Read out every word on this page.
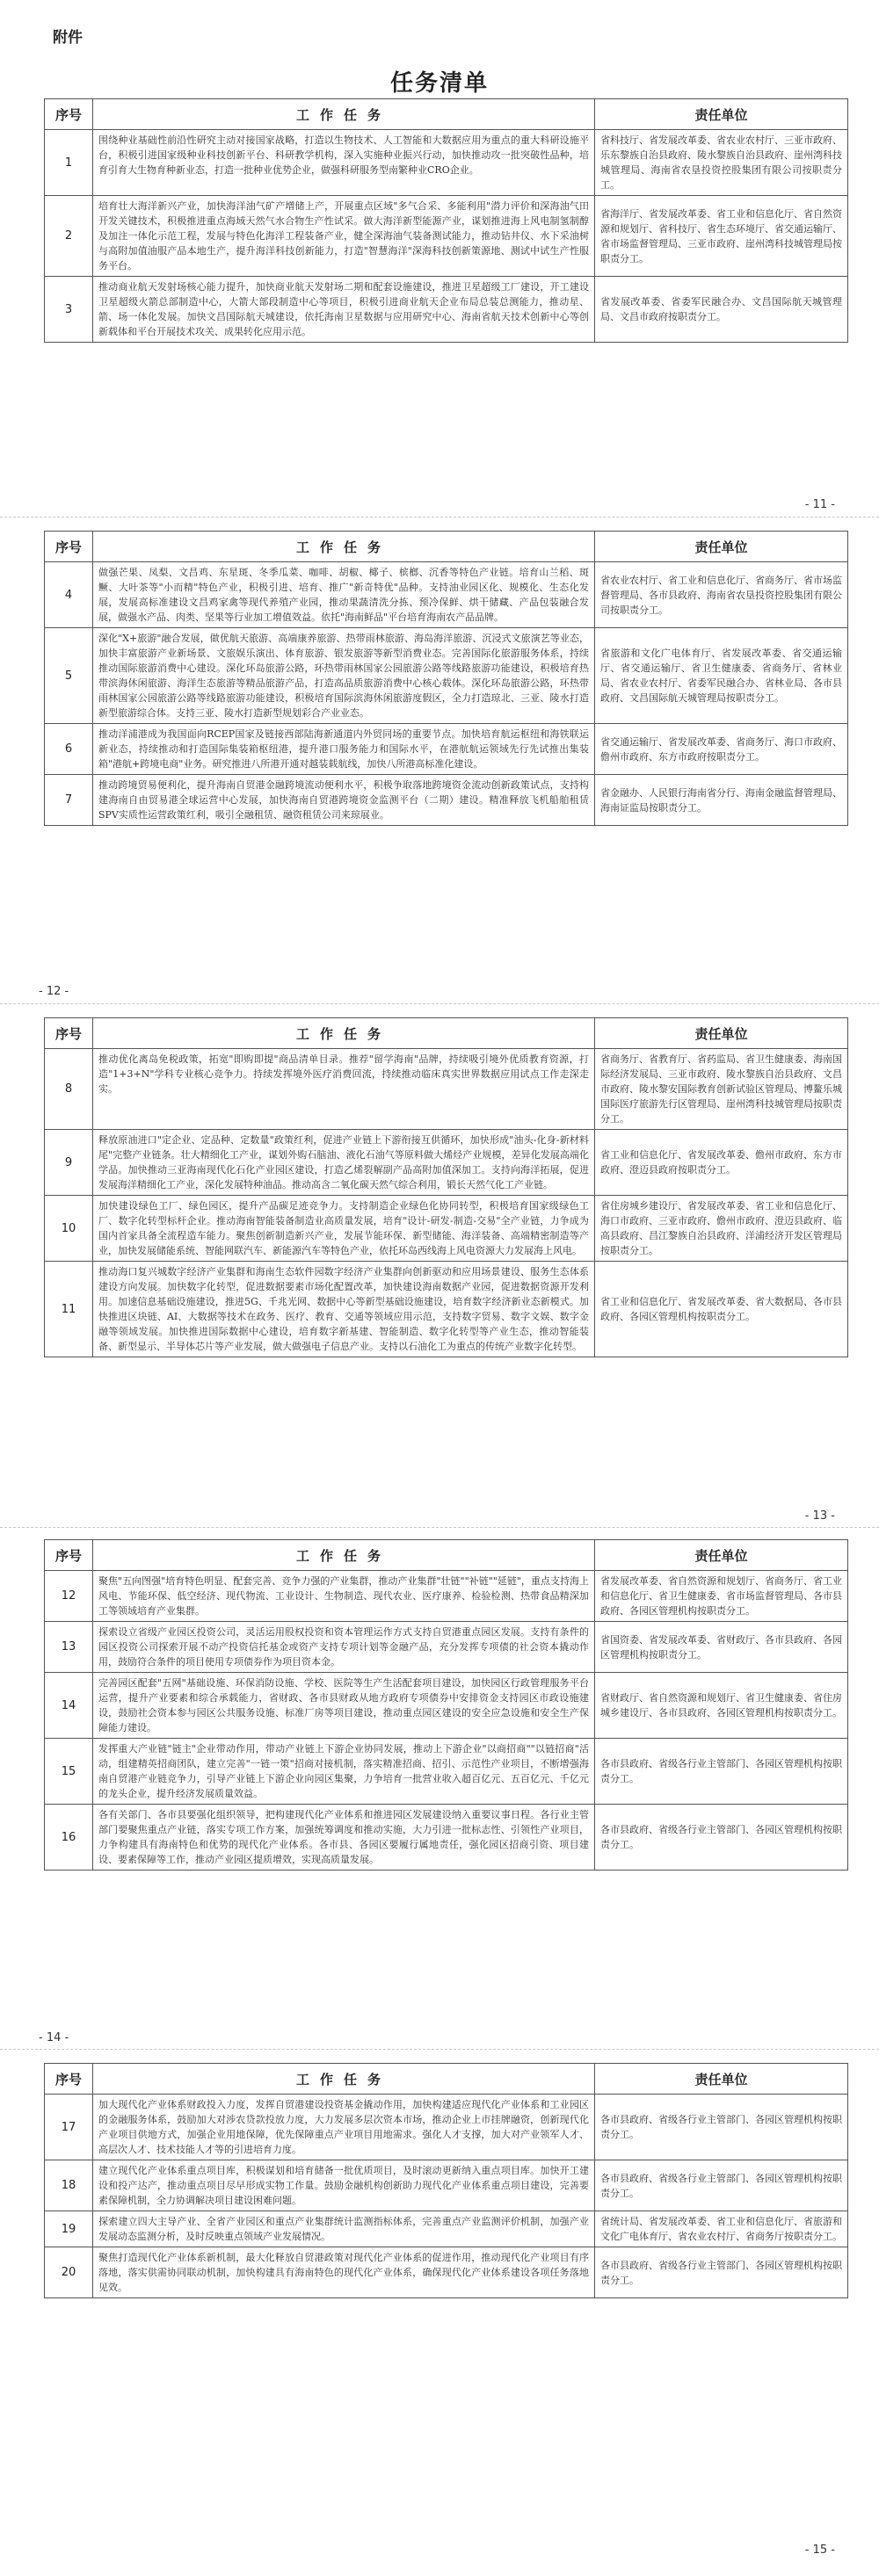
附件
任务清单
序号	工作任务	责任单位
1	围绕种业基础性前沿性研究主动对接国家战略，打造以生物技术、人工智能和大数据应用为重点的重大科研设施平台，积极引进国家级种业科技创新平台、科研教学机构，深入实施种业振兴行动，加快推动攻一批突破性品种，培育引育大生物育种新业态，打造一批种业优势企业，做强科研服务型南繁种业CRO企业。	省科技厅、省发展改革委、省农业农村厅、三亚市政府、乐东黎族自治县政府、陵水黎族自治县政府、崖州湾科技城管理局、海南省农垦投资控股集团有限公司按职责分工。
2	培育壮大海洋新兴产业，加快海洋油气矿产增储上产，开展重点区域"多气合采、多能利用"潜力评价和深海油气田开发关键技术，积极推进重点海域天然气水合物生产性试采。做大海洋新型能源产业，谋划推进海上风电制氢制醇及加注一体化示范工程，发展与特色化海洋工程装备产业，健全深海油气装备测试能力，推动钻井仪、水下采油树与高附加值油服产品本地生产，提升海洋科技创新能力，打造"智慧海洋"深海科技创新策源地、测试中试生产性服务平台。	省海洋厅、省发展改革委、省工业和信息化厅、省自然资源和规划厅、省科技厅、省生态环境厅、省交通运输厅、省市场监督管理局、三亚市政府、崖州湾科技城管理局按职责分工。
3	推动商业航天发射场核心能力提升，加快商业航天发射场二期和配套设施建设，推进卫星超级工厂建设，开工建设卫星超级火箭总部制造中心，大箭大部段制造中心等项目，积极引进商业航天企业布局总装总测能力，推动星、箭、场一体化发展。加快文昌国际航天城建设，依托海南卫星数据与应用研究中心、海南省航天技术创新中心等创新载体和平台开展技术攻关、成果转化应用示范。	省发展改革委、省委军民融合办、文昌国际航天城管理局、文昌市政府按职责分工。
- 11 -
序号	工作任务	责任单位
4	做强芒果、凤梨、文昌鸡、东星斑、冬季瓜菜、咖啡、胡椒、椰子、槟榔、沉香等特色产业链。培育山兰稻、斑鳜、大叶茶等"小而精"特色产业，积极引进、培育、推广"新奇特优"品种。支持油业园区化、规模化、生态化发展，发展高标准建设文昌鸡家禽等现代养殖产业园，推动果蔬清洗分拣、预冷保鲜、烘干储藏、产品包装融合发展，做强水产品、肉类、坚果等行业加工增值效益。依托"海南鲜品"平台培育海南农产品品牌。	省农业农村厅、省工业和信息化厅、省商务厅、省市场监督管理局、各市县政府、海南省农垦投资控股集团有限公司按职责分工。
5	深化"X+旅游"融合发展，做优航天旅游、高端康养旅游、热带雨林旅游、海岛海洋旅游、沉浸式文旅演艺等业态，加快丰富旅游产业新场景、文旅娱乐演出、体育旅游、银发旅游等新型消费业态。完善国际化旅游服务体系，持续推动国际旅游消费中心建设。深化环岛旅游公路，环热带雨林国家公园旅游公路等线路旅游功能建设，积极培育热带滨海休闲旅游、海洋生态旅游等精品旅游产品，打造高品质旅游消费中心核心载体。深化环岛旅游公路，环热带雨林国家公园旅游公路等线路旅游功能建设，积极培育国际滨海休闲旅游度假区，全力打造琼北、三亚、陵水打造新型旅游综合体。支持三亚、陵水打造新型规划彩合产业业态。	省旅游和文化广电体育厅、省发展改革委、省交通运输厅、省交通运输厅、省卫生健康委、省商务厅、省林业局、省农业农村厅、省委军民融合办、省林业局、各市县政府、文昌国际航天城管理局按职责分工。
6	推动洋浦港成为我国面向RCEP国家及链接西部陆海新通道内外贸同场的重要节点。加快培育航运枢纽和海铁联运新业态，持续推动和打造国际集装箱枢纽港，提升港口服务能力和国际水平，在港航航运领域先行先试推出集装箱"港航+跨境电商"业务。研究推进八所港开通对越装载航线，加快八所港高标准化建设。	省交通运输厅、省发展改革委、省商务厅、海口市政府、儋州市政府、东方市政府按职责分工。
7	推动跨境贸易便利化，提升海南自贸港金融跨境流动便利水平，积极争取落地跨境资金流动创新政策试点，支持构建海南自由贸易港全球运营中心发展，加快海南自贸港跨境资金监测平台（二期）建设。精准释放飞机船舶租赁SPV实质性运营政策红利，吸引全融租赁、融资租赁公司来琼展业。	省金融办、人民银行海南省分行、海南金融监督管理局、海南证监局按职责分工。
- 12 -
序号	工作任务	责任单位
8	推动优化离岛免税政策，拓宽"即购即提"商品清单目录。推荐"留学海南"品牌，持续吸引境外优质教育资源，打造"1+3+N"学科专业核心竞争力。持续发挥境外医疗消费回流，持续推动临床真实世界数据应用试点工作走深走实。	省商务厅、省教育厅、省药监局、省卫生健康委、海南国际经济发展局、三亚市政府、陵水黎族自治县政府、文昌市政府、陵水黎安国际教育创新试验区管理局、博鳌乐城国际医疗旅游先行区管理局、崖州湾科技城管理局按职责分工。
9	释放原油进口"定企业、定品种、定数量"政策红利，促进产业链上下游衔接互供循环，加快形成"油头-化身-新材料尾"完整产业链条。壮大精细化工产业，谋划外购石脑油、液化石油气等原料做大烯烃产业规模，差异化发展高端化学品。加快推动三亚海南现代化石化产业园区建设，打造乙烯裂解副产品高附加值深加工。支持向海洋拓展，促进发展海洋精细化工产业，深化发展特种油品。推动高含二氧化碳天然气综合利用，锻长天然气化工产业链。	省工业和信息化厅、省发展改革委、儋州市政府、东方市政府、澄迈县政府按职责分工。
10	加快建设绿色工厂、绿色园区，提升产品碳足迹竞争力。支持制造企业绿色化协同转型，积极培育国家级绿色工厂、数字化转型标杆企业。推动海南智能装备制造业高质量发展，培育"设计-研发-制造-交易"全产业链，力争成为国内首家具备全流程造车能力。聚焦创新制造新兴产业，发展节能环保、新型储能、海洋装备、高端精密制造等产业，加快发展储能系统、智能网联汽车、新能源汽车等特色产业，依托环岛西线海上风电资源大力发展海上风电。	省住房城乡建设厅、省发展改革委、省工业和信息化厅、海口市政府、三亚市政府、儋州市政府、澄迈县政府、临高县政府、昌江黎族自治县政府、洋浦经济开发区管理局按职责分工。
11	推动海口复兴城数字经济产业集群和海南生态软件园数字经济产业集群向创新驱动和应用场景建设、服务生态体系建设方向发展。加快数字化转型，促进数据要素市场化配置改革，加快建设海南数据产业园，促进数据资源开发利用。加速信息基础设施建设，推进5G、千兆光网、数据中心等新型基础设施建设，培育数字经济新业态新模式。加快推进区块链、AI、大数据等技术在政务、医疗、教育、交通等领域应用示范，支持数字贸易、数字文娱、数字金融等领域发展。加快推进国际数据中心建设，培育数字新基建、智能制造、数字化转型等产业生态，推动智能装备、新型显示、半导体芯片等产业发展，做大做强电子信息产业。支持以石油化工为重点的传统产业数字化转型。	省工业和信息化厅、省发展改革委、省大数据局、各市县政府、各园区管理机构按职责分工。
- 13 -
序号	工作任务	责任单位
12	聚焦"五向图强"培育特色明显、配套完善、竞争力强的产业集群，推动产业集群"壮链""补链""延链"，重点支持海上风电、节能环保、低空经济、现代物流、工业设计、生物制造、现代农业、医疗康养、检验检测、热带食品精深加工等领域培育产业集群。	省发展改革委、省自然资源和规划厅、省商务厅、省工业和信息化厅、省卫生健康委、省市场监督管理局、各市县政府、各园区管理机构按职责分工。
13	探索设立省级产业园区投资公司，灵活运用股权投资和资本管理运作方式支持自贸港重点园区发展。支持有条件的园区投资公司探索开展不动产投资信托基金或资产支持专项计划等金融产品，充分发挥专项债的社会资本撬动作用，鼓励符合条件的项目使用专项债券作为项目资本金。	省国资委、省发展改革委、省财政厅、各市县政府、各园区管理机构按职责分工。
14	完善园区配套"五网"基础设施、环保消防设施、学校、医院等生产生活配套项目建设，加快园区行政管理服务平台运营，提升产业要素和综合承载能力，省财政、各市县财政从地方政府专项债券中安排资金支持园区市政设施建设，鼓励社会资本参与园区公共服务设施、标准厂房等项目建设，推动重点园区建设的安全应急设施和安全生产保障能力建设。	省财政厅、省自然资源和规划厅、省卫生健康委、省住房城乡建设厅、各市县政府、各园区管理机构按职责分工。
15	发挥重大产业链"链主"企业带动作用，带动产业链上下游企业协同发展，推动上下游企业"以商招商""以链招商"活动，组建精英招商团队，建立完善"一链一策"招商对接机制，落实精准招商、招引、示范性产业项目，不断增强海南自贸港产业链竞争力，引导产业链上下游企业向园区集聚，力争培育一批营业收入超百亿元、五百亿元、千亿元的龙头企业，提升经济发展质量效益。	各市县政府、省级各行业主管部门、各园区管理机构按职责分工。
16	各有关部门、各市县要强化组织领导，把构建现代化产业体系和推进园区发展建设纳入重要议事日程。各行业主管部门要聚焦重点产业链，落实专项工作方案，加强统筹调度和推动实施，大力引进一批标志性、引领性产业项目，力争构建具有海南特色和优势的现代化产业体系。各市县、各园区要履行属地责任，强化园区招商引资、项目建设、要素保障等工作，推动产业园区提质增效，实现高质量发展。	各市县政府、省级各行业主管部门、各园区管理机构按职责分工。
- 14 -
序号	工作任务	责任单位
17	加大现代化产业体系财政投入力度，发挥自贸港建设投资基金撬动作用，加快构建适应现代化产业体系和工业园区的金融服务体系，鼓励加大对涉农贷款投放力度，大力发展多层次资本市场，推动企业上市挂牌融资，创新现代化产业项目供地方式，加强企业用地保障，优先保障重点产业项目用地需求。强化人才支撑，加大对产业领军人才、高层次人才、技术技能人才等的引进培育力度。	各市县政府、省级各行业主管部门、各园区管理机构按职责分工。
18	建立现代化产业体系重点项目库，积极谋划和培育储备一批优质项目，及时滚动更新纳入重点项目库。加快开工建设和投产达产，推动重点项目尽早形成实物工作量。鼓励金融机构创新助力现代化产业体系重点项目建设，完善要素保障机制，全力协调解决项目建设困难问题。	各市县政府、省级各行业主管部门、各园区管理机构按职责分工。
19	探索建立四大主导产业、全省产业园区和重点产业集群统计监测指标体系，完善重点产业监测评价机制，加强产业发展动态监测分析，及时反映重点领域产业发展情况。	省统计局、省发展改革委、省工业和信息化厅、省旅游和文化广电体育厅、省农业农村厅、省商务厅按职责分工。
20	聚焦打造现代化产业体系新机制，最大化释放自贸港政策对现代化产业体系的促进作用，推动现代化产业项目有序落地，落实供需协同联动机制，加快构建具有海南特色的现代化产业体系，确保现代化产业体系建设各项任务落地见效。	各市县政府、省级各行业主管部门、各园区管理机构按职责分工。
- 15 -
